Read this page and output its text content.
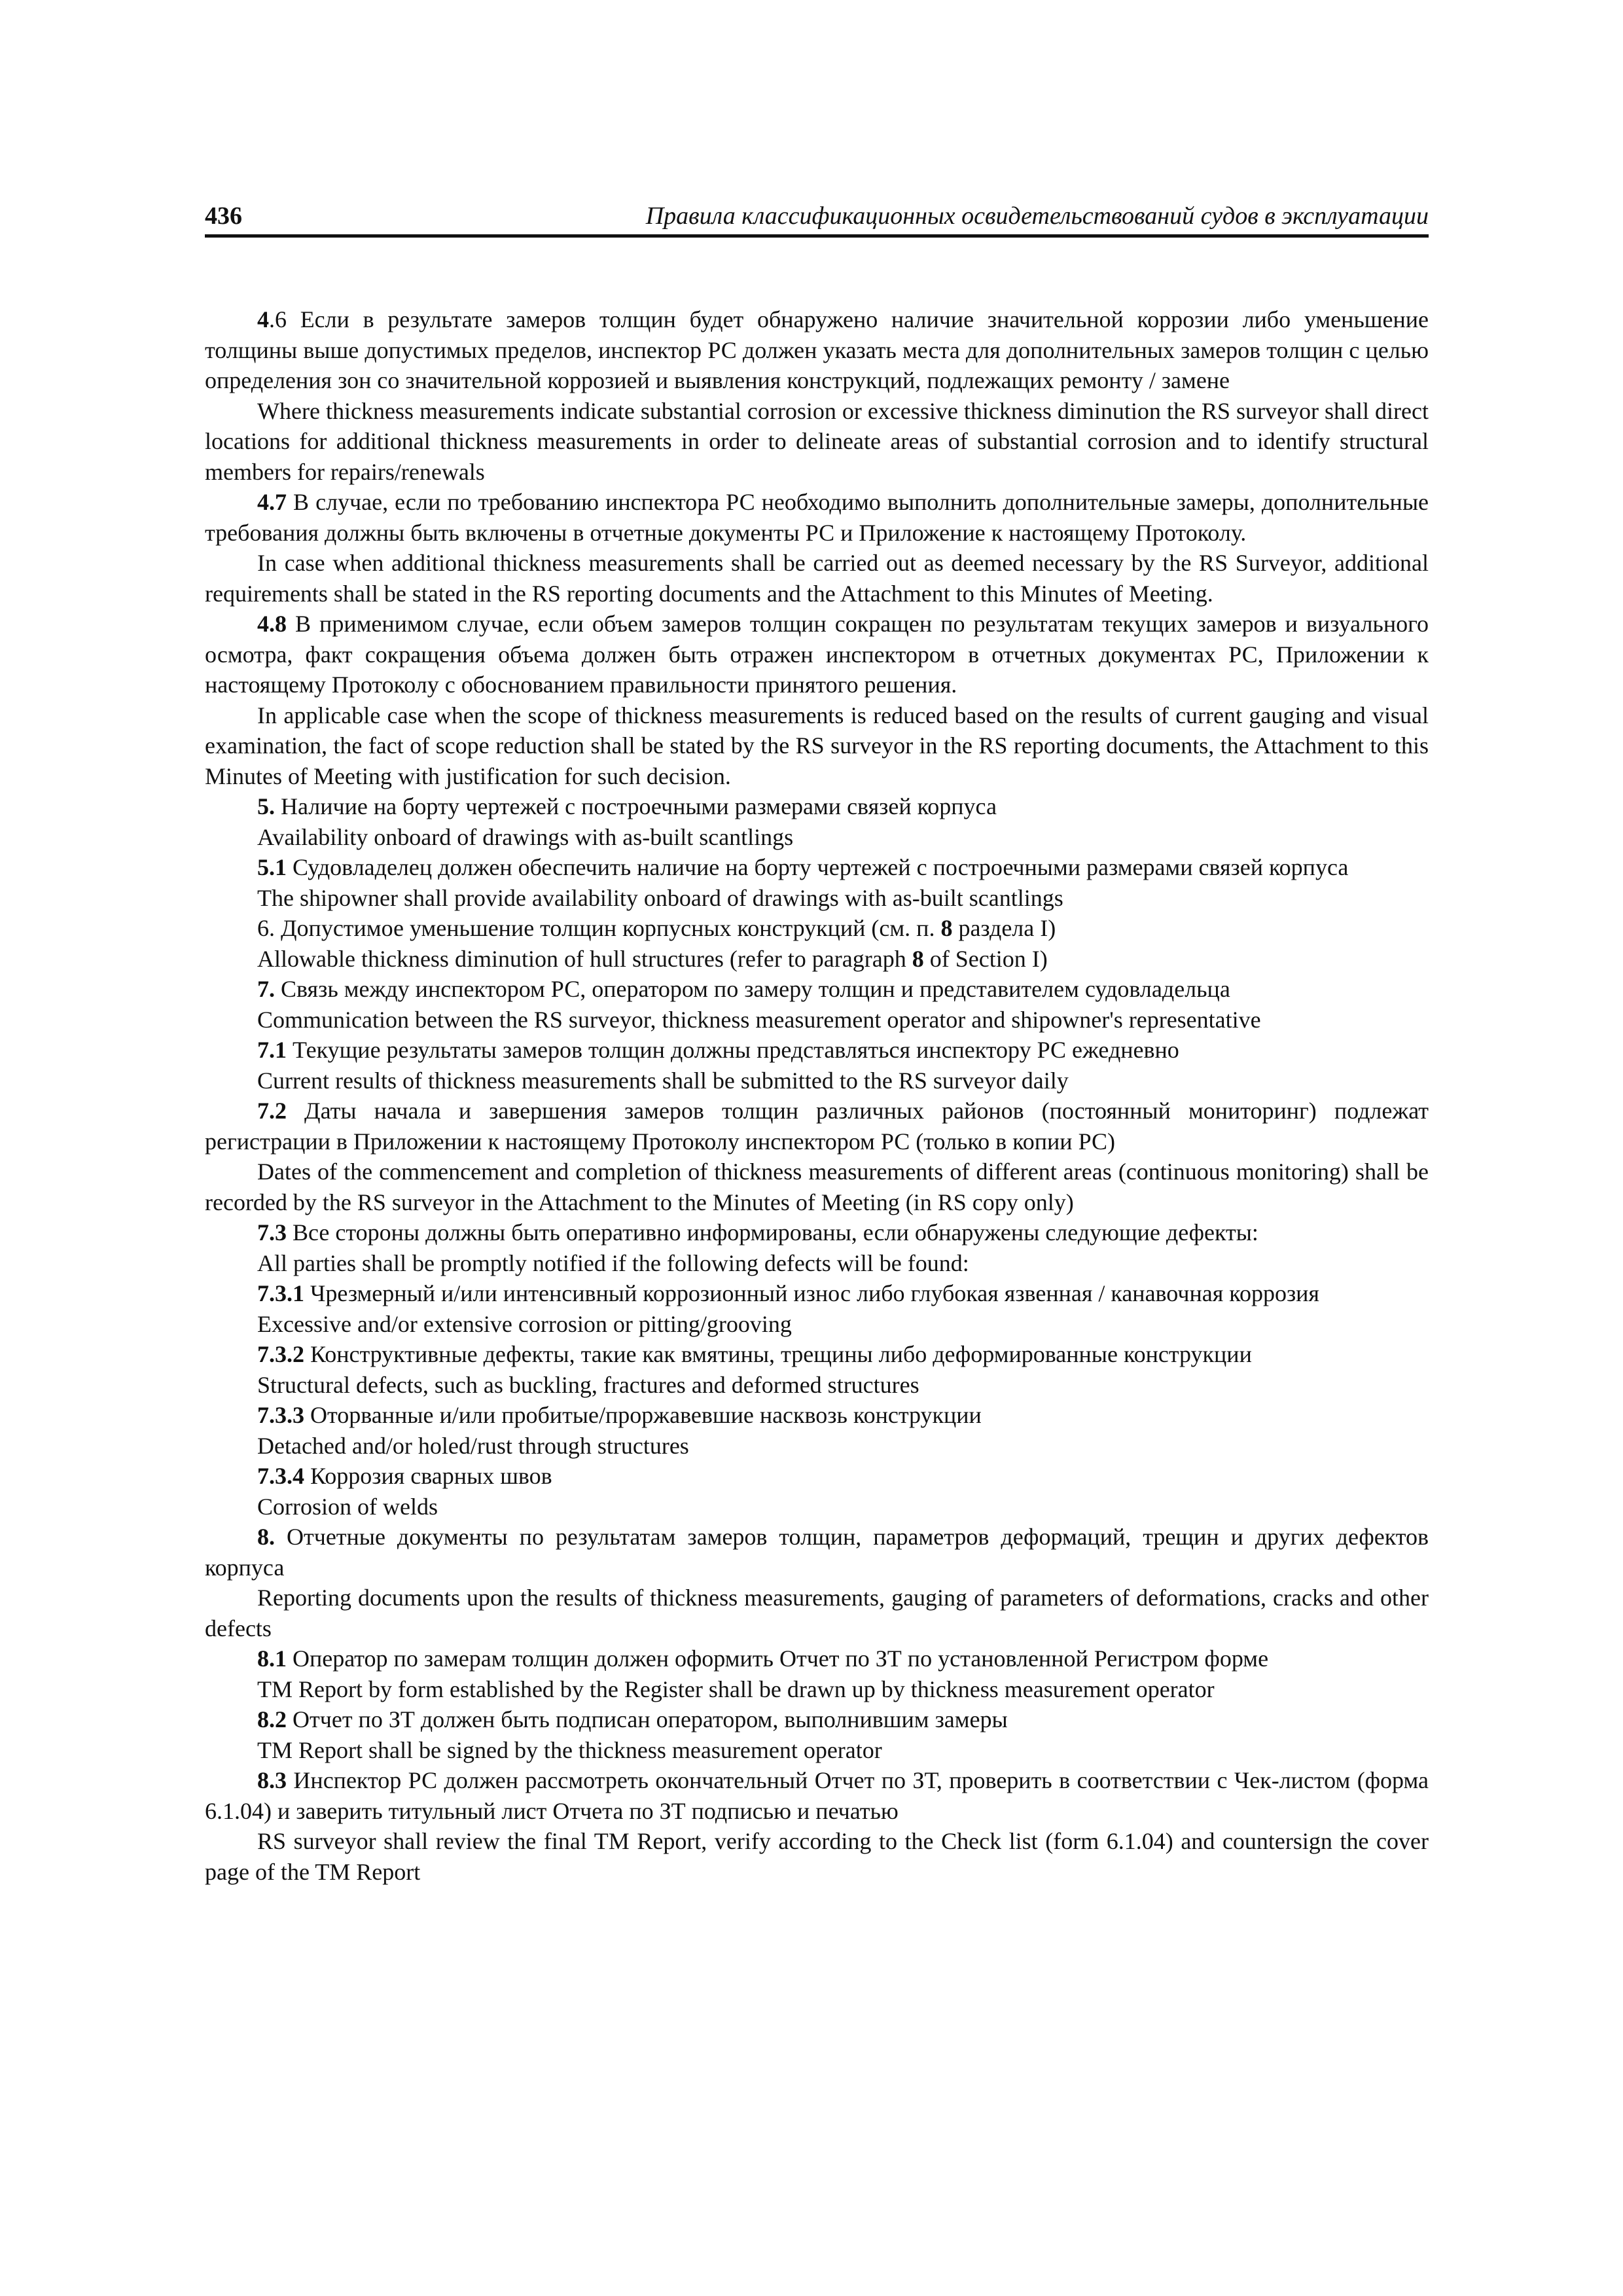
436	Правила классификационных освидетельствований судов в эксплуатации

4.6 Если в результате замеров толщин будет обнаружено наличие значительной коррозии либо уменьшение толщины выше допустимых пределов, инспектор РС должен указать места для дополнительных замеров толщин с целью определения зон со значительной коррозией и выявления конструкций, подлежащих ремонту / замене

Where thickness measurements indicate substantial corrosion or excessive thickness diminution the RS surveyor shall direct locations for additional thickness measurements in order to delineate areas of substantial corrosion and to identify structural members for repairs/renewals

4.7 В случае, если по требованию инспектора РС необходимо выполнить дополнительные замеры, дополнительные требования должны быть включены в отчетные документы РС и Приложение к настоящему Протоколу.

In case when additional thickness measurements shall be carried out as deemed necessary by the RS Surveyor, additional requirements shall be stated in the RS reporting documents and the Attachment to this Minutes of Meeting.

4.8 В применимом случае, если объем замеров толщин сокращен по результатам текущих замеров и визуального осмотра, факт сокращения объема должен быть отражен инспектором в отчетных документах РС, Приложении к настоящему Протоколу с обоснованием правильности принятого решения.

In applicable case when the scope of thickness measurements is reduced based on the results of current gauging and visual examination, the fact of scope reduction shall be stated by the RS surveyor in the RS reporting documents, the Attachment to this Minutes of Meeting with justification for such decision.

5. Наличие на борту чертежей с построечными размерами связей корпуса

Availability onboard of drawings with as-built scantlings

5.1 Судовладелец должен обеспечить наличие на борту чертежей с построечными размерами связей корпуса

The shipowner shall provide availability onboard of drawings with as-built scantlings

6. Допустимое уменьшение толщин корпусных конструкций (см. п. 8 раздела I)

Allowable thickness diminution of hull structures (refer to paragraph 8 of Section I)

7. Связь между инспектором РС, оператором по замеру толщин и представителем судовладельца

Communication between the RS surveyor, thickness measurement operator and shipowner's representative

7.1 Текущие результаты замеров толщин должны представляться инспектору РС ежедневно

Current results of thickness measurements shall be submitted to the RS surveyor daily

7.2 Даты начала и завершения замеров толщин различных районов (постоянный мониторинг) подлежат регистрации в Приложении к настоящему Протоколу инспектором РС (только в копии РС)

Dates of the commencement and completion of thickness measurements of different areas (continuous monitoring) shall be recorded by the RS surveyor in the Attachment to the Minutes of Meeting (in RS copy only)

7.3 Все стороны должны быть оперативно информированы, если обнаружены следующие дефекты:

All parties shall be promptly notified if the following defects will be found:

7.3.1 Чрезмерный и/или интенсивный коррозионный износ либо глубокая язвенная / канавочная коррозия

Excessive and/or extensive corrosion or pitting/grooving

7.3.2 Конструктивные дефекты, такие как вмятины, трещины либо деформированные конструкции

Structural defects, such as buckling, fractures and deformed structures

7.3.3 Оторванные и/или пробитые/проржавевшие насквозь конструкции

Detached and/or holed/rust through structures

7.3.4 Коррозия сварных швов

Corrosion of welds

8. Отчетные документы по результатам замеров толщин, параметров деформаций, трещин и других дефектов корпуса

Reporting documents upon the results of thickness measurements, gauging of parameters of deformations, cracks and other defects

8.1 Оператор по замерам толщин должен оформить Отчет по ЗТ по установленной Регистром форме

TM Report by form established by the Register shall be drawn up by thickness measurement operator

8.2 Отчет по ЗТ должен быть подписан оператором, выполнившим замеры

TM Report shall be signed by the thickness measurement operator

8.3 Инспектор РС должен рассмотреть окончательный Отчет по ЗТ, проверить в соответствии с Чек-листом (форма 6.1.04) и заверить титульный лист Отчета по ЗТ подписью и печатью

RS surveyor shall review the final TM Report, verify according to the Check list (form 6.1.04) and countersign the cover page of the TM Report
